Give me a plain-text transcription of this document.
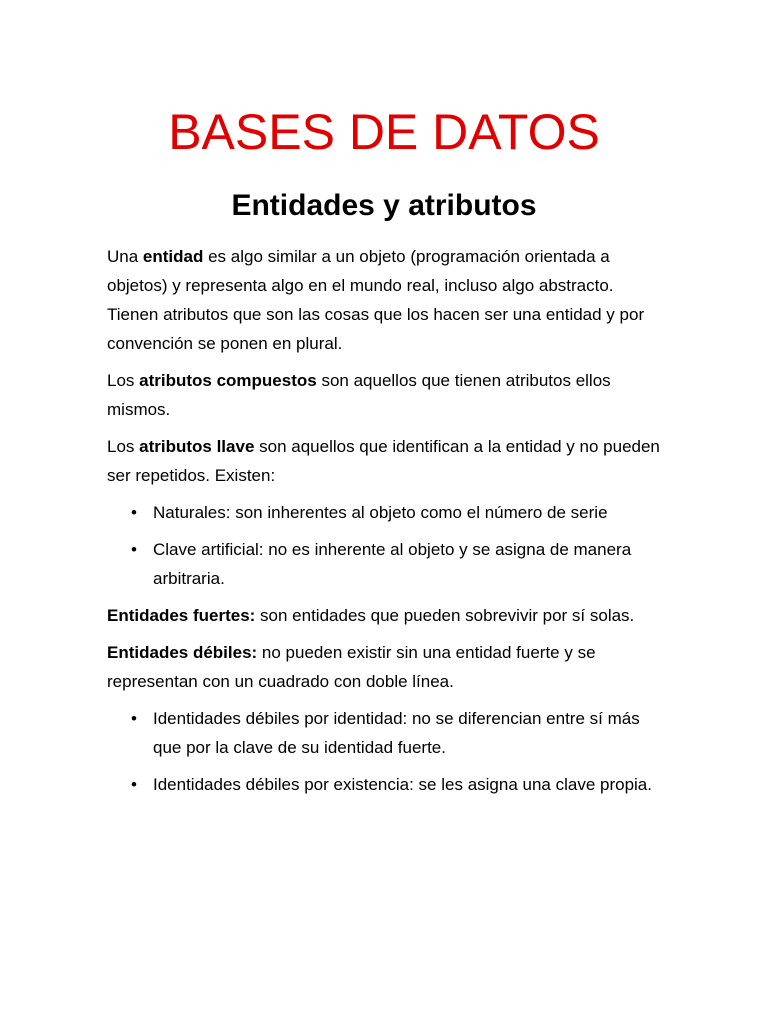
BASES DE DATOS
Entidades y atributos

Una entidad es algo similar a un objeto (programación orientada a objetos) y representa algo en el mundo real, incluso algo abstracto. Tienen atributos que son las cosas que los hacen ser una entidad y por convención se ponen en plural.

Los atributos compuestos son aquellos que tienen atributos ellos mismos.

Los atributos llave son aquellos que identifican a la entidad y no pueden ser repetidos. Existen:

• Naturales: son inherentes al objeto como el número de serie
• Clave artificial: no es inherente al objeto y se asigna de manera arbitraria.

Entidades fuertes: son entidades que pueden sobrevivir por sí solas.

Entidades débiles: no pueden existir sin una entidad fuerte y se representan con un cuadrado con doble línea.

• Identidades débiles por identidad: no se diferencian entre sí más que por la clave de su identidad fuerte.
• Identidades débiles por existencia: se les asigna una clave propia.
